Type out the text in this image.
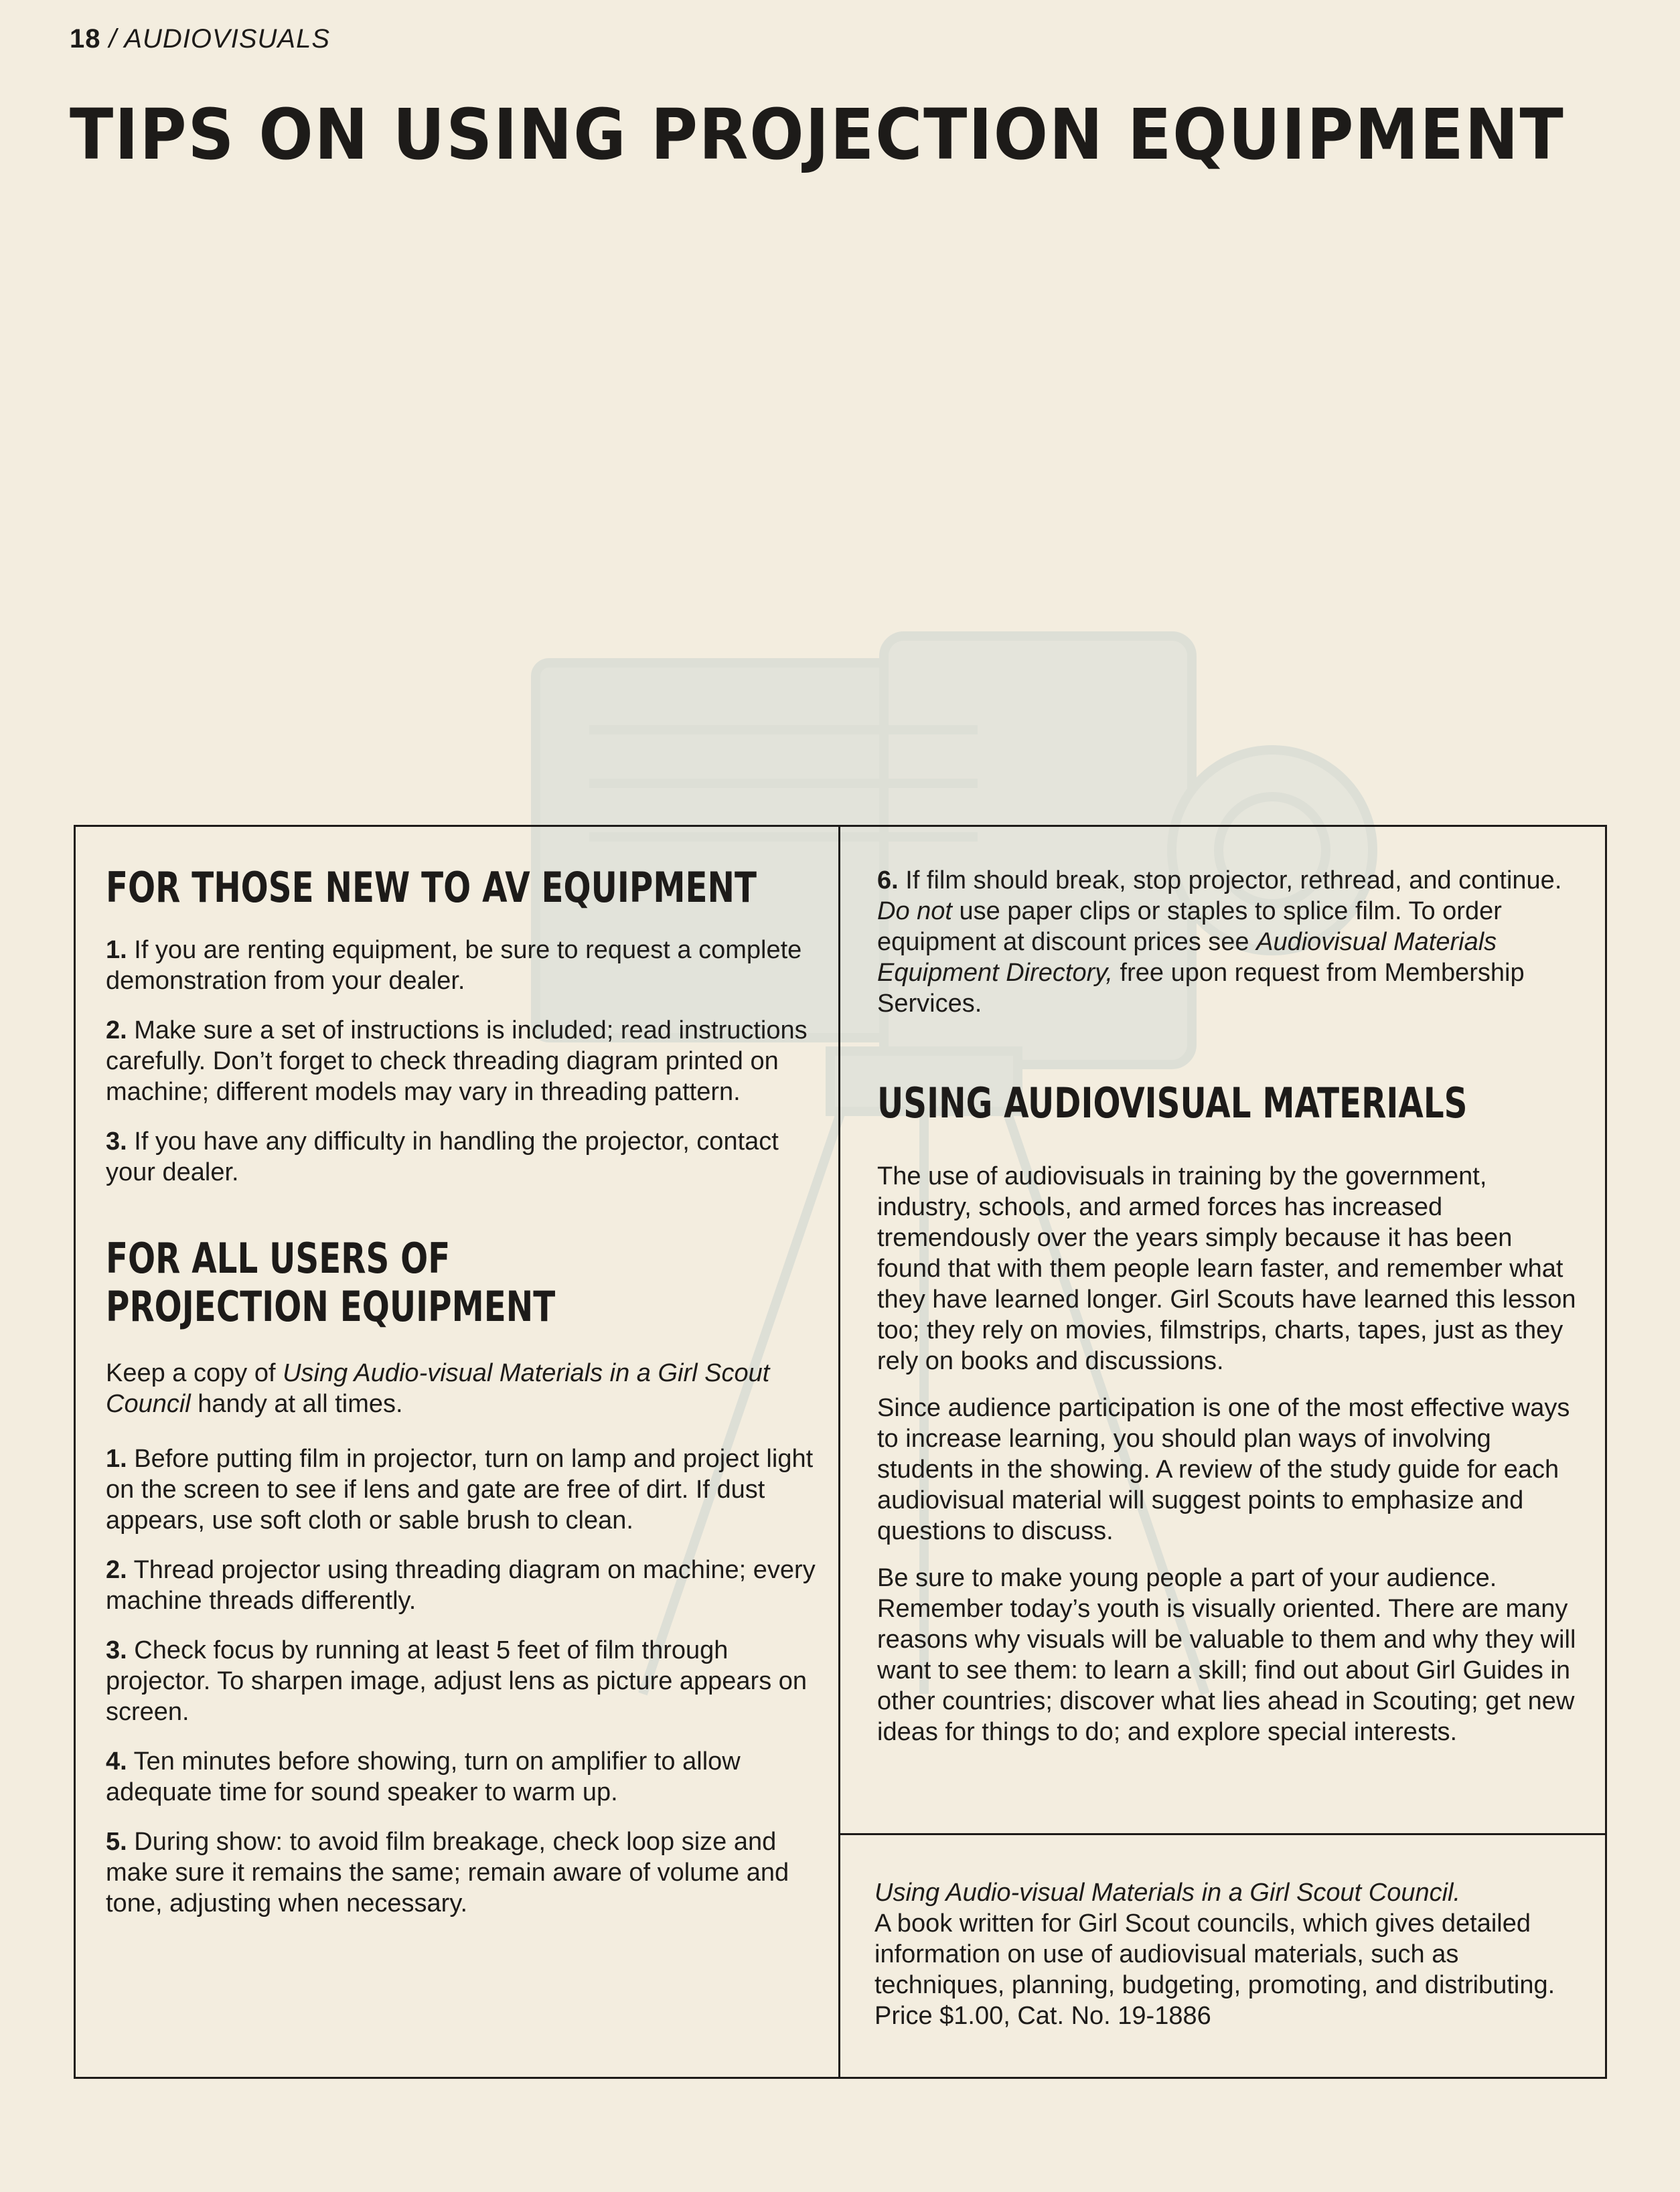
18 / AUDIOVISUALS
TIPS ON USING PROJECTION EQUIPMENT
FOR THOSE NEW TO AV EQUIPMENT

1. If you are renting equipment, be sure to request a complete demonstration from your dealer.

2. Make sure a set of instructions is included; read instructions carefully. Don’t forget to check threading diagram printed on machine; different models may vary in threading pattern.

3. If you have any difficulty in handling the projector, contact your dealer.

FOR ALL USERS OF
PROJECTION EQUIPMENT

Keep a copy of Using Audio-visual Materials in a Girl Scout Council handy at all times.

1. Before putting film in projector, turn on lamp and project light on the screen to see if lens and gate are free of dirt. If dust appears, use soft cloth or sable brush to clean.

2. Thread projector using threading diagram on machine; every machine threads differently.

3. Check focus by running at least 5 feet of film through projector. To sharpen image, adjust lens as picture appears on screen.

4. Ten minutes before showing, turn on amplifier to allow adequate time for sound speaker to warm up.

5. During show: to avoid film breakage, check loop size and make sure it remains the same; remain aware of volume and tone, adjusting when necessary.

6. If film should break, stop projector, rethread, and continue. Do not use paper clips or staples to splice film. To order equipment at discount prices see Audiovisual Materials Equipment Directory, free upon request from Membership Services.

USING AUDIOVISUAL MATERIALS

The use of audiovisuals in training by the government, industry, schools, and armed forces has increased tremendously over the years simply because it has been found that with them people learn faster, and remember what they have learned longer. Girl Scouts have learned this lesson too; they rely on movies, filmstrips, charts, tapes, just as they rely on books and discussions.

Since audience participation is one of the most effective ways to increase learning, you should plan ways of involving students in the showing. A review of the study guide for each audiovisual material will suggest points to emphasize and questions to discuss.

Be sure to make young people a part of your audience. Remember today’s youth is visually oriented. There are many reasons why visuals will be valuable to them and why they will want to see them: to learn a skill; find out about Girl Guides in other countries; discover what lies ahead in Scouting; get new ideas for things to do; and explore special interests.

Using Audio-visual Materials in a Girl Scout Council.

A book written for Girl Scout councils, which gives detailed information on use of audiovisual materials, such as techniques, planning, budgeting, promoting, and distributing. Price $1.00, Cat. No. 19-1886
